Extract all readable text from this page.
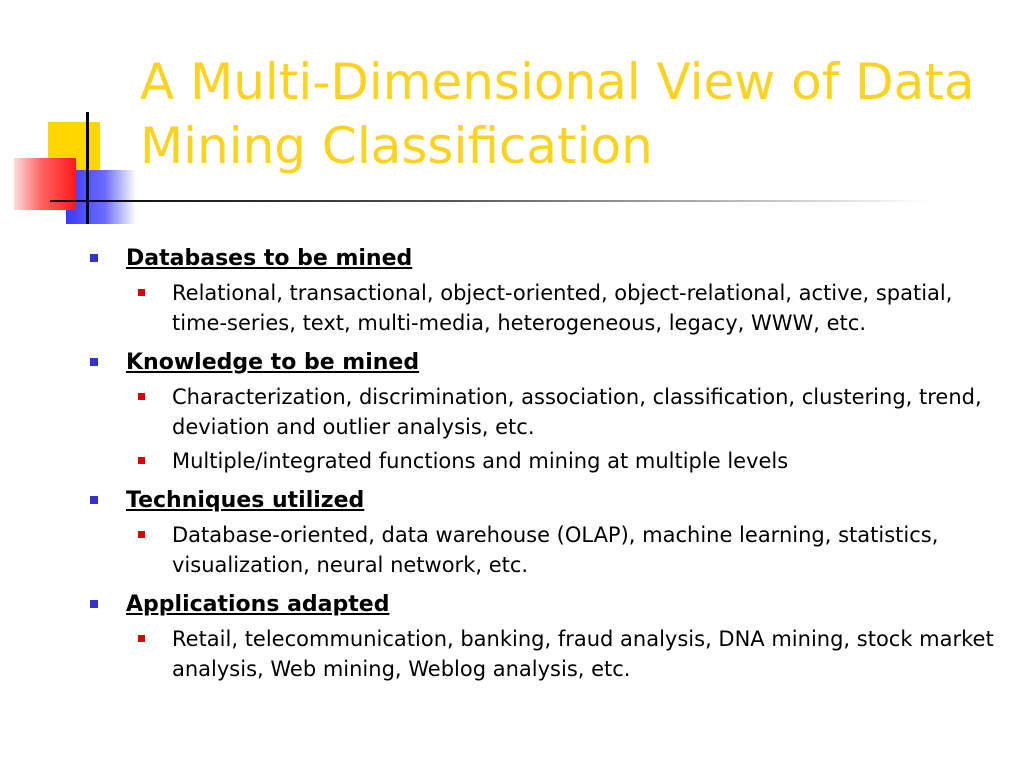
A Multi-Dimensional View of Data
Mining Classification
Databases to be mined
Relational, transactional, object-oriented, object-relational, active, spatial, time-series, text, multi-media, heterogeneous, legacy, WWW, etc.
Knowledge to be mined
Characterization, discrimination, association, classification, clustering, trend, deviation and outlier analysis, etc.
Multiple/integrated functions and mining at multiple levels
Techniques utilized
Database-oriented, data warehouse (OLAP), machine learning, statistics, visualization, neural network, etc.
Applications adapted
Retail, telecommunication, banking, fraud analysis, DNA mining, stock market analysis, Web mining, Weblog analysis, etc.
